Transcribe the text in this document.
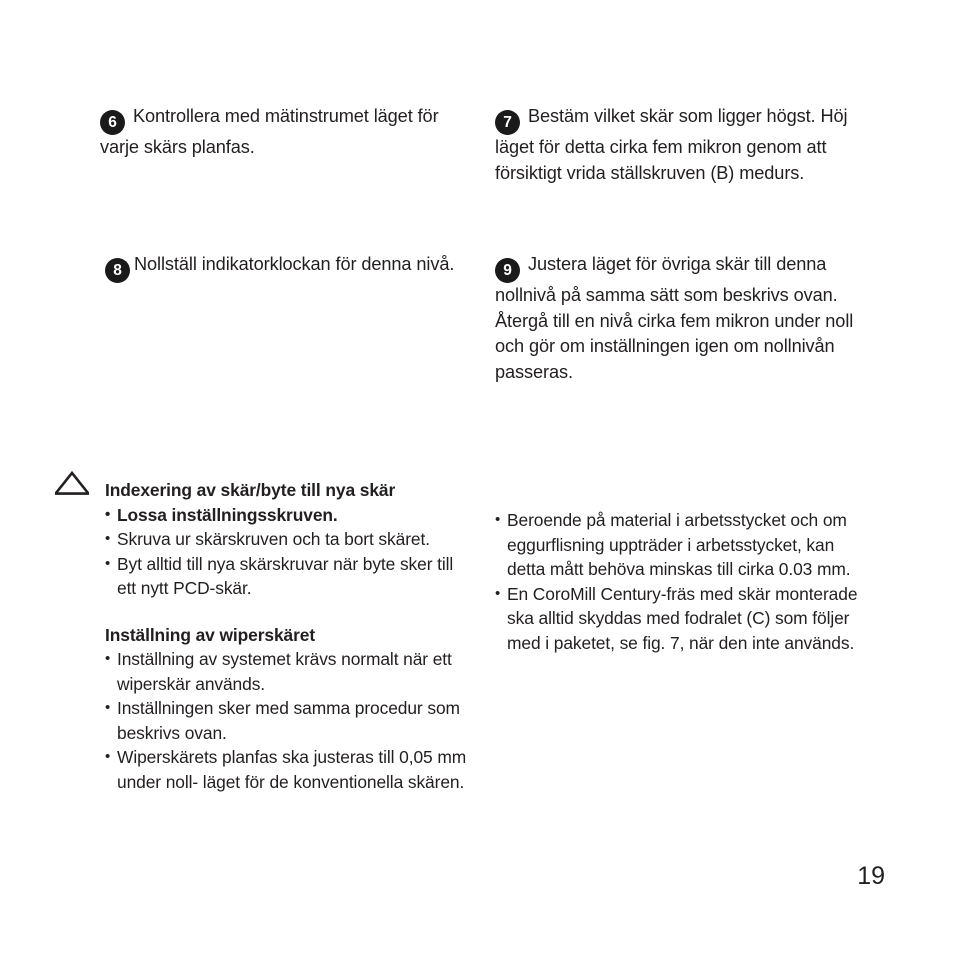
6 Kontrollera med mätinstrumet läget för varje skärs planfas.
7 Bestäm vilket skär som ligger högst. Höj läget för detta cirka fem mikron genom att försiktigt vrida ställskruven (B) medurs.
8 Nollställ indikatorklockan för denna nivå.	9 Justera läget för övriga skär till denna nollnivå på samma sätt som beskrivs ovan. Återgå till en nivå cirka fem mikron under noll och gör om inställningen igen om nollnivån passeras.
Indexering av skär/byte till nya skär
• Lossa inställningsskruven.
• Skruva ur skärskruven och ta bort skäret.
• Byt alltid till nya skärskruvar när byte sker till ett nytt PCD-skär.
Inställning av wiperskäret
• Inställning av systemet krävs normalt när ett wiperskär används.
• Inställningen sker med samma procedur som beskrivs ovan.
• Wiperskärets planfas ska justeras till 0,05 mm under noll- läget för de konventionella skären.
• Beroende på material i arbetsstycket och om eggurflisning uppträder i arbetsstycket, kan detta mått behöva minskas till cirka 0.03 mm.
• En CoroMill Century-fräs med skär monterade ska alltid skyddas med fodralet (C) som följer med i paketet, se fig. 7, när den inte används.
19
